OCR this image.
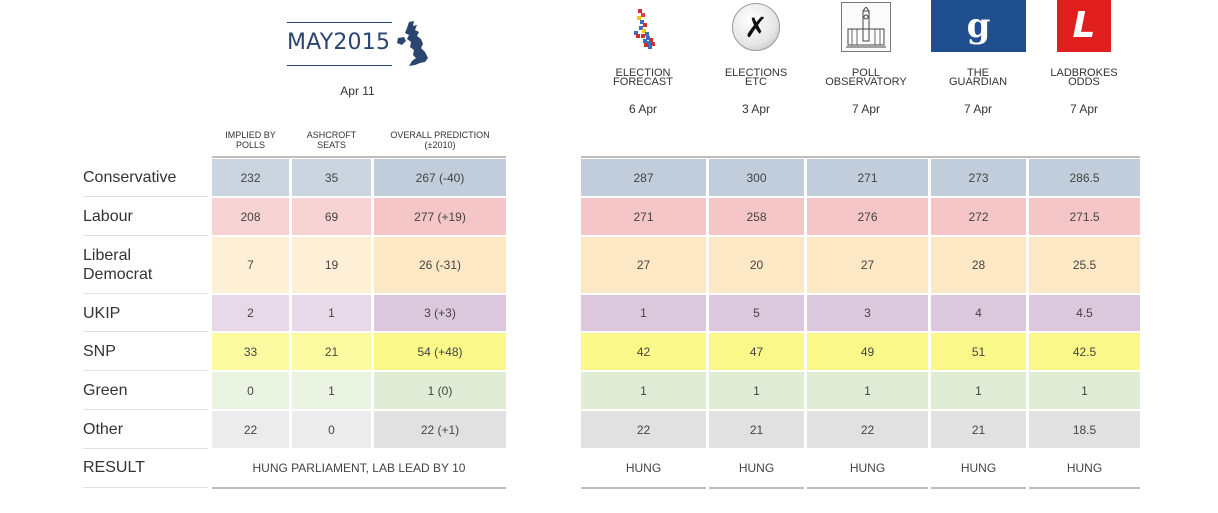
MAY2015
Apr 11
IMPLIED BY
POLLS
ASHCROFT
SEATS
OVERALL PREDICTION
(±2010)
ELECTION
FORECAST
6 Apr
✗
ELECTIONS
ETC
3 Apr
POLL
OBSERVATORY
7 Apr
g
THE
GUARDIAN
7 Apr
L
LADBROKES
ODDS
7 Apr
Conservative	232	35	267 (-40)	287	300	271	273	286.5
Labour	208	69	277 (+19)	271	258	276	272	271.5
Liberal
Democrat
7	19	26 (-31)	27	20	27	28	25.5
UKIP	2	1	3 (+3)	1	5	3	4	4.5
SNP	33	21	54 (+48)	42	47	49	51	42.5
Green	0	1	1 (0)	1	1	1	1	1
Other	22	0	22 (+1)	22	21	22	21	18.5
RESULT	HUNG PARLIAMENT, LAB LEAD BY 10	HUNG	HUNG	HUNG	HUNG	HUNG
